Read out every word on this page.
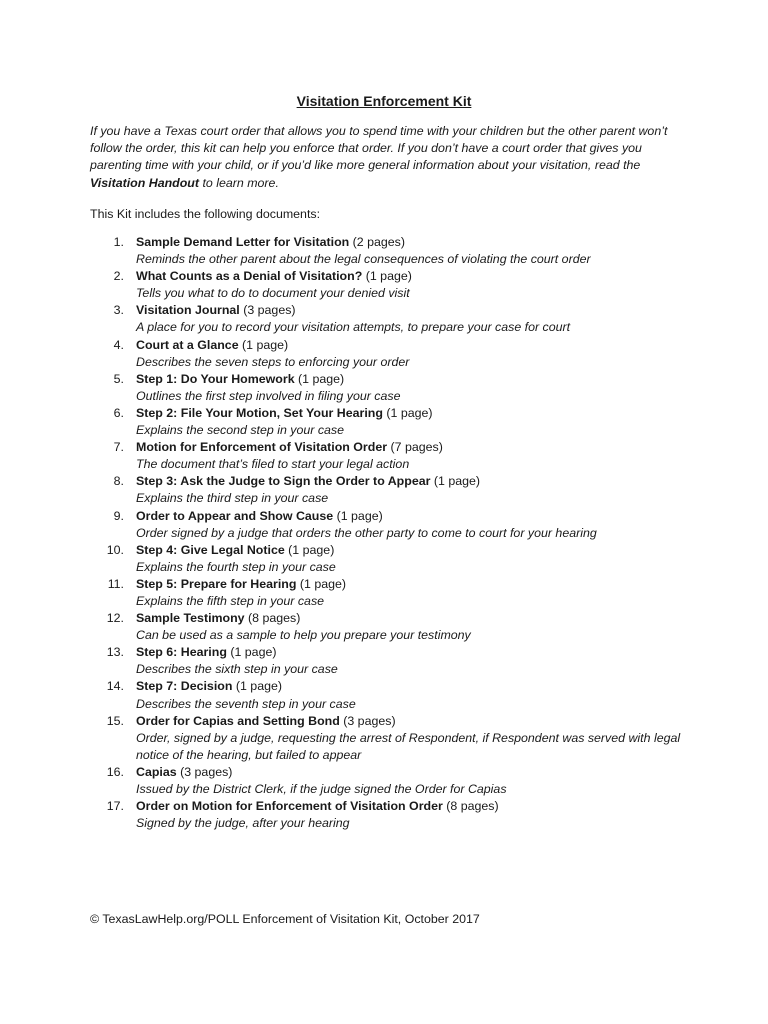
Visitation Enforcement Kit

If you have a Texas court order that allows you to spend time with your children but the other parent won’t follow the order, this kit can help you enforce that order. If you don’t have a court order that gives you parenting time with your child, or if you’d like more general information about your visitation, read the Visitation Handout to learn more.

This Kit includes the following documents:

1. Sample Demand Letter for Visitation (2 pages)
Reminds the other parent about the legal consequences of violating the court order
2. What Counts as a Denial of Visitation? (1 page)
Tells you what to do to document your denied visit
3. Visitation Journal (3 pages)
A place for you to record your visitation attempts, to prepare your case for court
4. Court at a Glance (1 page)
Describes the seven steps to enforcing your order
5. Step 1: Do Your Homework (1 page)
Outlines the first step involved in filing your case
6. Step 2: File Your Motion, Set Your Hearing (1 page)
Explains the second step in your case
7. Motion for Enforcement of Visitation Order (7 pages)
The document that’s filed to start your legal action
8. Step 3: Ask the Judge to Sign the Order to Appear (1 page)
Explains the third step in your case
9. Order to Appear and Show Cause (1 page)
Order signed by a judge that orders the other party to come to court for your hearing
10. Step 4: Give Legal Notice (1 page)
Explains the fourth step in your case
11. Step 5: Prepare for Hearing (1 page)
Explains the fifth step in your case
12. Sample Testimony (8 pages)
Can be used as a sample to help you prepare your testimony
13. Step 6: Hearing (1 page)
Describes the sixth step in your case
14. Step 7: Decision (1 page)
Describes the seventh step in your case
15. Order for Capias and Setting Bond (3 pages)
Order, signed by a judge, requesting the arrest of Respondent, if Respondent was served with legal notice of the hearing, but failed to appear
16. Capias (3 pages)
Issued by the District Clerk, if the judge signed the Order for Capias
17. Order on Motion for Enforcement of Visitation Order (8 pages)
Signed by the judge, after your hearing
© TexasLawHelp.org/POLL Enforcement of Visitation Kit, October 2017
